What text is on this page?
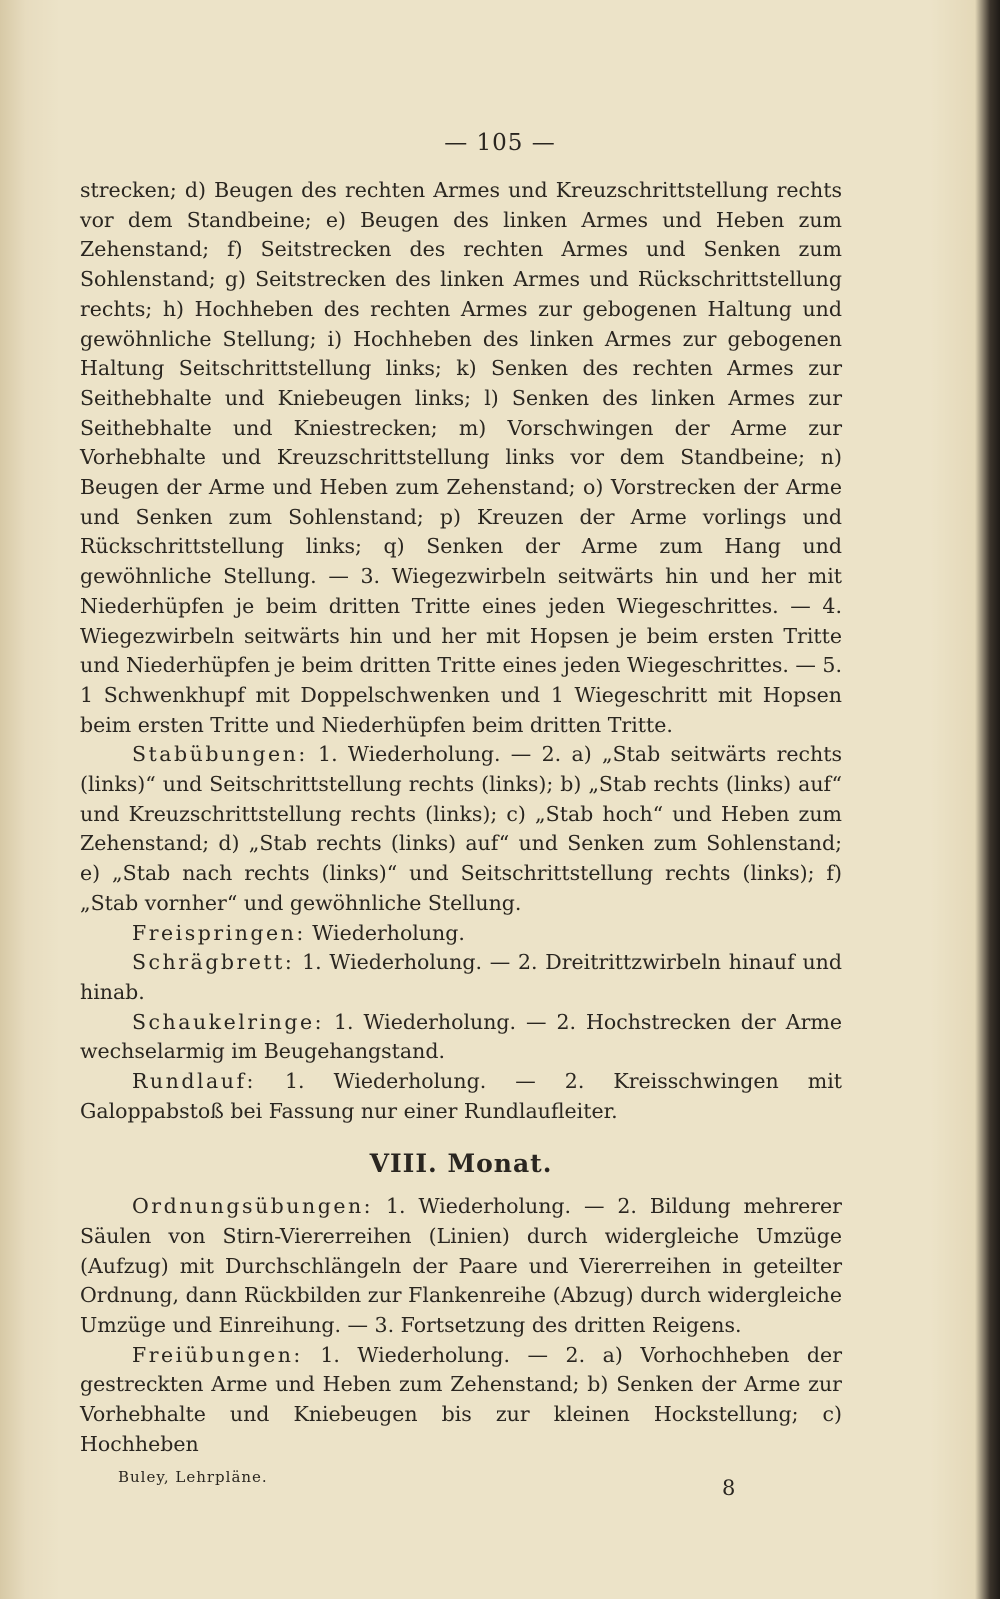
— 105 —

strecken; d) Beugen des rechten Armes und Kreuzschrittstellung rechts vor dem Standbeine; e) Beugen des linken Armes und Heben zum Zehenstand; f) Seitstrecken des rechten Armes und Senken zum Sohlenstand; g) Seitstrecken des linken Armes und Rückschrittstellung rechts; h) Hochheben des rechten Armes zur gebogenen Haltung und gewöhnliche Stellung; i) Hochheben des linken Armes zur gebogenen Haltung Seitschrittstellung links; k) Senken des rechten Armes zur Seithebhalte und Kniebeugen links; l) Senken des linken Armes zur Seithebhalte und Kniestrecken; m) Vorschwingen der Arme zur Vorhebhalte und Kreuzschrittstellung links vor dem Standbeine; n) Beugen der Arme und Heben zum Zehenstand; o) Vorstrecken der Arme und Senken zum Sohlenstand; p) Kreuzen der Arme vorlings und Rückschrittstellung links; q) Senken der Arme zum Hang und gewöhnliche Stellung. — 3. Wiegezwirbeln seitwärts hin und her mit Niederhüpfen je beim dritten Tritte eines jeden Wiegeschrittes. — 4. Wiegezwirbeln seitwärts hin und her mit Hopsen je beim ersten Tritte und Niederhüpfen je beim dritten Tritte eines jeden Wiegeschrittes. — 5. 1 Schwenkhupf mit Doppelschwenken und 1 Wiegeschritt mit Hopsen beim ersten Tritte und Niederhüpfen beim dritten Tritte.

Stabübungen: 1. Wiederholung. — 2. a) „Stab seitwärts rechts (links)“ und Seitschrittstellung rechts (links); b) „Stab rechts (links) auf“ und Kreuzschrittstellung rechts (links); c) „Stab hoch“ und Heben zum Zehenstand; d) „Stab rechts (links) auf“ und Senken zum Sohlenstand; e) „Stab nach rechts (links)“ und Seitschrittstellung rechts (links); f) „Stab vornher“ und gewöhnliche Stellung.

Freispringen: Wiederholung.

Schrägbrett: 1. Wiederholung. — 2. Dreitrittzwirbeln hinauf und hinab.

Schaukelringe: 1. Wiederholung. — 2. Hochstrecken der Arme wechselarmig im Beugehangstand.

Rundlauf: 1. Wiederholung. — 2. Kreisschwingen mit Galoppabstoß bei Fassung nur einer Rundlaufleiter.

VIII. Monat.

Ordnungsübungen: 1. Wiederholung. — 2. Bildung mehrerer Säulen von Stirn-Viererreihen (Linien) durch widergleiche Umzüge (Aufzug) mit Durchschlängeln der Paare und Viererreihen in geteilter Ordnung, dann Rückbilden zur Flankenreihe (Abzug) durch widergleiche Umzüge und Einreihung. — 3. Fortsetzung des dritten Reigens.

Freiübungen: 1. Wiederholung. — 2. a) Vorhochheben der gestreckten Arme und Heben zum Zehenstand; b) Senken der Arme zur Vorhebhalte und Kniebeugen bis zur kleinen Hockstellung; c) Hochheben

Buley, Lehrpläne.	8
